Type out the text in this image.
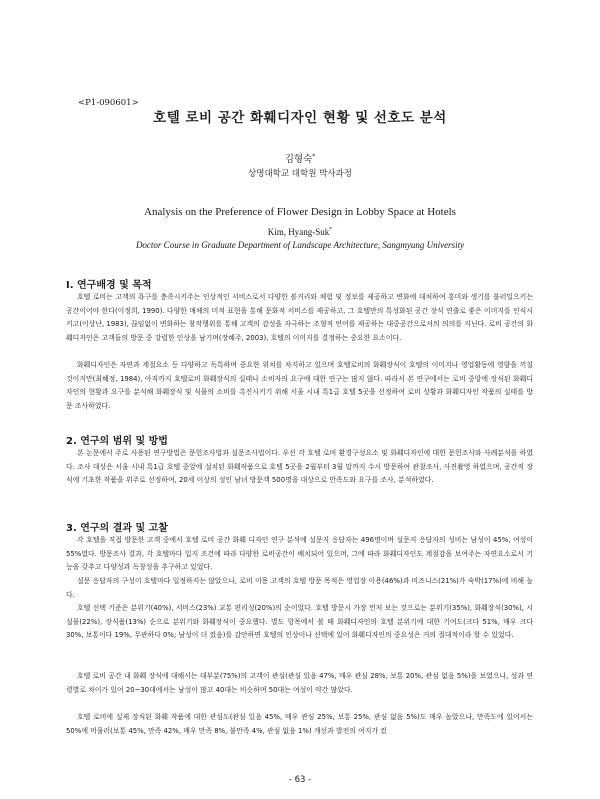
<P1-090601>
호텔 로비 공간 화훼디자인 현황 및 선호도 분석
김형숙*
상명대학교 대학원 박사과정
Analysis on the Preference of Flower Design in Lobby Space at Hotels
Kim, Hyang-Suk*
Doctor Course in Graduate Department of Landscape Architecture, Sangmyung University
Ⅰ. 연구배경 및 목적

호텔 로비는 고객의 욕구를 충족시키주는 인상적인 서비스로서 다양한 볼거리와 체험 및 정보를 제공하고 변화에 대처하여 흥미와 생기를 불러일으키는 공간이어야 한다(이정희, 1990). 다양한 매체의 미적 표현을 통해 문화적 서비스를 제공하고, 그 호텔만의 특성화된 공간 장식 연출로 좋은 이미지를 인식시키고(이상난, 1983), 끊임없이 변화하는 창작행위를 통해 고객의 감성을 자극하는 조형적 언어를 제공하는 대중공간으로서의 의의를 지닌다. 로비 공간의 화훼디자인은 고객들의 방문 중 강렬한 인상을 남기며(장혜주, 2003), 호텔의 이미지를 결정하는 중요한 요소이다.

화훼디자인은 자연과 계절요소 등 다양하고 독특하며 중요한 위치를 차지하고 있으며 호텔로비의 화훼장식이 호텔의 이미지나 영업활동에 영향을 끼칠 것이지만(최혜정, 1984), 아직까지 호텔로비 화훼장식의 실태나 소비자의 요구에 대한 연구는 많지 않다. 따라서 본 연구에서는 로비 중앙에 장식된 화훼디자인의 현황과 요구를 분석해 화훼장식 및 식물의 소비를 촉진시키기 위해 서울 시내 특1급 호텔 5곳을 선정하여 로비 상황과 화훼디자인 작품의 실태를 방문 조사하였다.

2. 연구의 범위 및 방법

본 논문에서 주로 사용된 연구방법은 문헌조사법과 설문조사법이다. 우선 각 호텔 로비 환경구성요소 및 화훼디자인에 대한 문헌조사와 사례분석을 하였다. 조사 대상은 서울 시내 특1급 호텔 중앙에 설치된 화훼작품으로 호텔 5곳을 2월부터 3월 말까지 수시 방문하여 관찰조사, 사진촬영 하였으며, 공간적 장식에 기초한 작품을 위주로 선정하여, 20세 이상의 성인 남녀 방문객 500명을 대상으로 만족도와 요구를 조사, 분석하였다.

3. 연구의 결과 및 고찰

각 호텔을 직접 방문한 고객 중에서 호텔 로비 공간 화훼 디자인 연구 분석에 설문지 응답자는 496명이며 설문지 응답자의 성비는 남성이 45%, 여성이 55%였다. 방문조사 결과, 각 호텔마다 입지 조건에 따라 다양한 로비공간이 배치되어 있으며, 그에 따라 화훼디자인도 계절감을 보여주는 자연요소로서 기능을 갖추고 다양성과 독창성을 추구하고 있었다.

설문 응답자의 구성이 호텔마다 일정하지는 않았으나, 로비 이용 고객의 호텔 방문 목적은 영업장 이용(46%)과 비즈니스(21%)가 숙박(17%)에 비해 높다.

호텔 선택 기준은 분위기(40%), 서비스(23%) 교통 편리성(20%)의 순이었다. 호텔 방문시 가장 먼저 보는 것으로는 분위기(35%), 화훼장식(30%), 시설물(22%), 장식품(13%) 순으로 분위기와 화훼장식이 중요했다. 별도 항목에서 볼 때 화훼디자인의 호텔 분위기에 대한 기여도(크다 51%, 매우 크다 30%, 보통이다 19%, 무관하다 0%; 남성이 더 컸음)를 감안하면 호텔의 인상이나 선택에 있어 화훼디자인의 중요성은 거의 절대적이라 할 수 있었다.

호텔 로비 공간 내 화훼 장식에 대해서는 대부분(75%)의 고객이 관심(관심 있음 47%, 매우 관심 28%, 보통 20%, 관심 없음 5%)을 보였으나, 성과 연령별로 차이가 있어 20~30대에서는 남성이 많고 40대는 비슷하며 50대는 여성이 약간 많았다.

호텔 로비에 실제 장식된 화훼 작품에 대한 관심도(관심 있음 45%, 매우 관심 25%, 보통 25%, 관심 없음 5%)도 매우 높았으나, 만족도에 있어서는 50%에 머물러(보통 45%, 만족 42%, 매우 만족 8%, 불만족 4%, 관심 없음 1%) 개선과 발전의 여지가 컸

- 63 -
